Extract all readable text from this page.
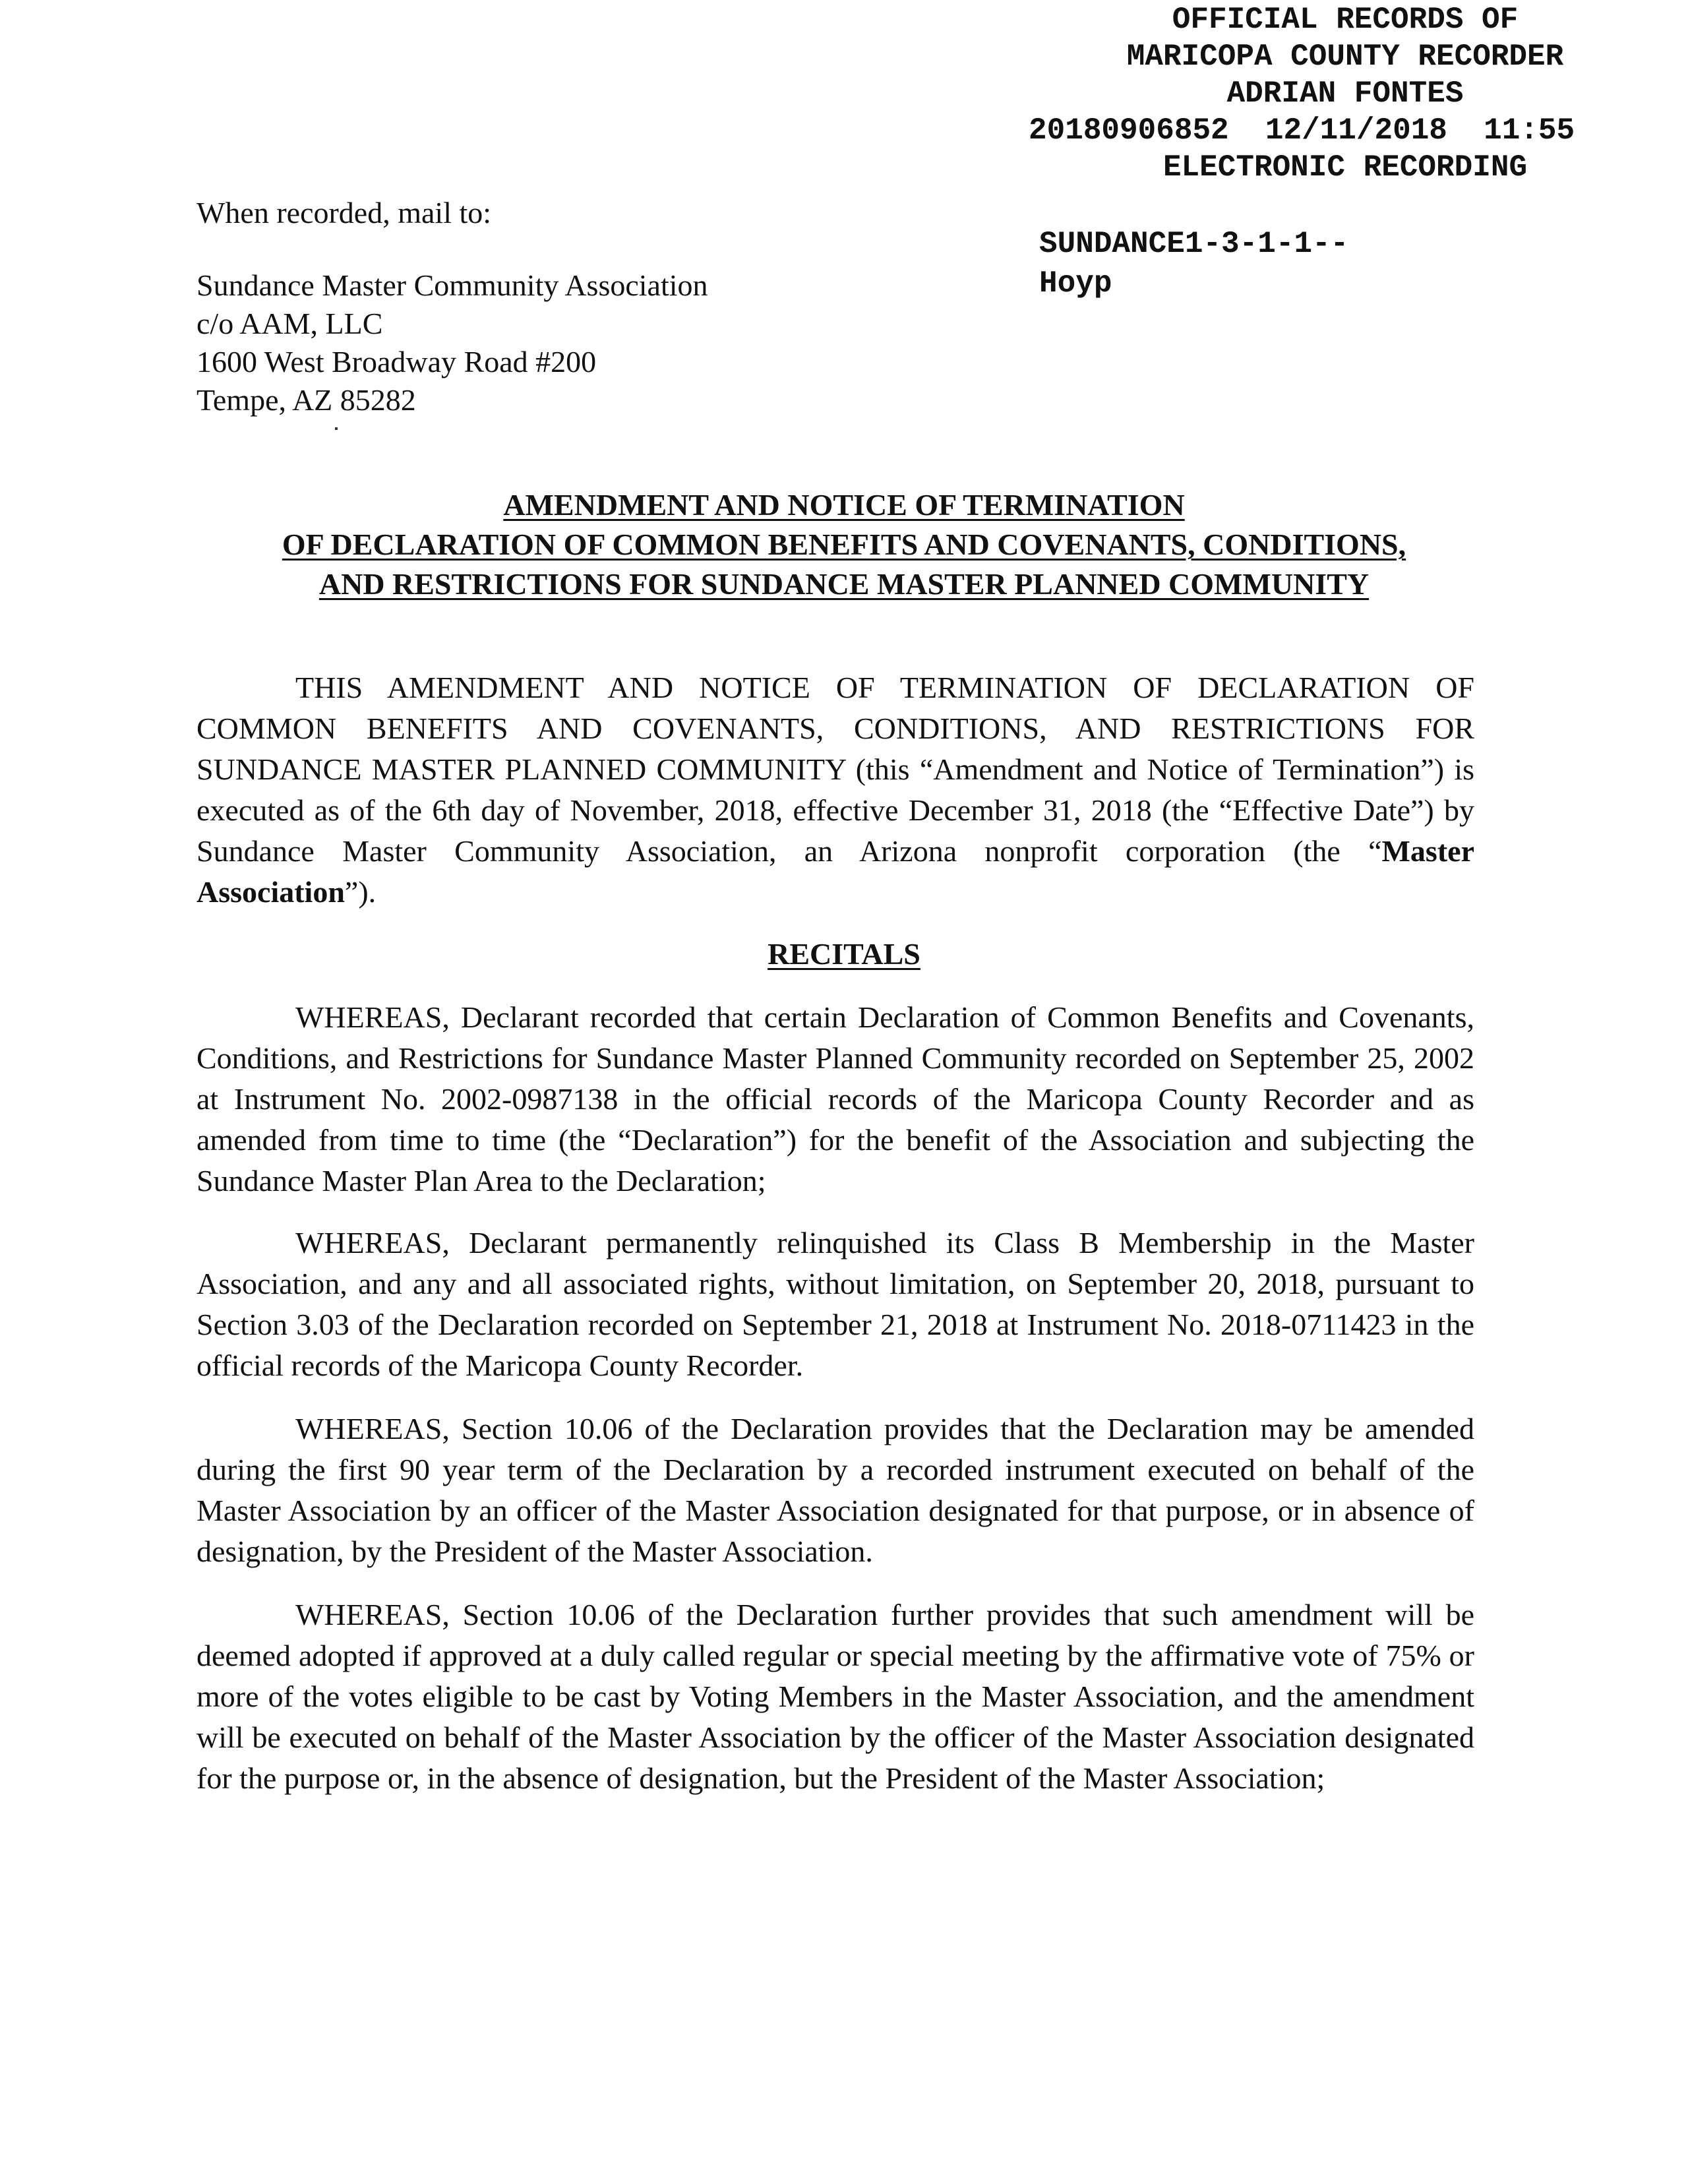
OFFICIAL RECORDS OF
MARICOPA COUNTY RECORDER
ADRIAN FONTES
20180906852  12/11/2018  11:55
ELECTRONIC RECORDING
SUNDANCE1-3-1-1--
Hoyp
When recorded, mail to:
Sundance Master Community Association
c/o AAM, LLC
1600 West Broadway Road #200
Tempe, AZ 85282
AMENDMENT AND NOTICE OF TERMINATION
OF DECLARATION OF COMMON BENEFITS AND COVENANTS, CONDITIONS,
AND RESTRICTIONS FOR SUNDANCE MASTER PLANNED COMMUNITY

THIS AMENDMENT AND NOTICE OF TERMINATION OF DECLARATION OF COMMON BENEFITS AND COVENANTS, CONDITIONS, AND RESTRICTIONS FOR SUNDANCE MASTER PLANNED COMMUNITY (this “Amendment and Notice of Termination”) is executed as of the 6th day of November, 2018, effective December 31, 2018 (the “Effective Date”) by Sundance Master Community Association, an Arizona nonprofit corporation (the “Master Association”).

RECITALS

WHEREAS, Declarant recorded that certain Declaration of Common Benefits and Covenants, Conditions, and Restrictions for Sundance Master Planned Community recorded on September 25, 2002 at Instrument No. 2002-0987138 in the official records of the Maricopa County Recorder and as amended from time to time (the “Declaration”) for the benefit of the Association and subjecting the Sundance Master Plan Area to the Declaration;

WHEREAS, Declarant permanently relinquished its Class B Membership in the Master Association, and any and all associated rights, without limitation, on September 20, 2018, pursuant to Section 3.03 of the Declaration recorded on September 21, 2018 at Instrument No. 2018-0711423 in the official records of the Maricopa County Recorder.

WHEREAS, Section 10.06 of the Declaration provides that the Declaration may be amended during the first 90 year term of the Declaration by a recorded instrument executed on behalf of the Master Association by an officer of the Master Association designated for that purpose, or in absence of designation, by the President of the Master Association.

WHEREAS, Section 10.06 of the Declaration further provides that such amendment will be deemed adopted if approved at a duly called regular or special meeting by the affirmative vote of 75% or more of the votes eligible to be cast by Voting Members in the Master Association, and the amendment will be executed on behalf of the Master Association by the officer of the Master Association designated for the purpose or, in the absence of designation, but the President of the Master Association;
